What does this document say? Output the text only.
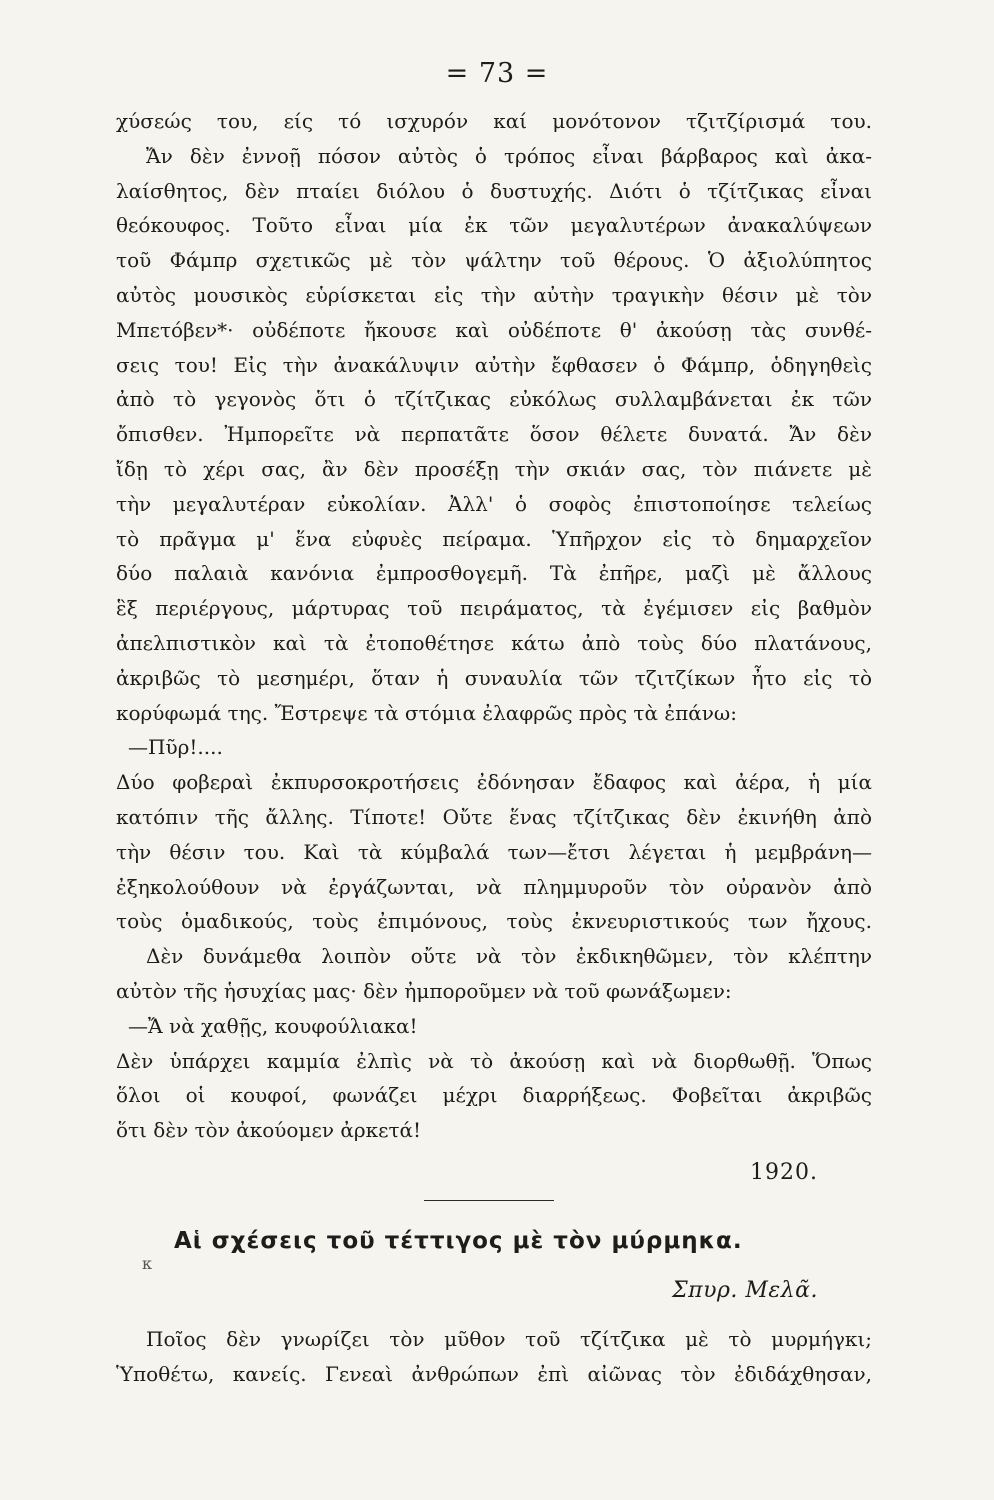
= 73 =
χύσεώς του, είς τό ισχυρόν καί μονότονον τζιτζίρισμά του.
Ἄν δὲν ἐννοῇ πόσον αὐτὸς ὁ τρόπος εἶναι βάρβαρος καὶ ἀκα-
λαίσθητος, δὲν πταίει διόλου ὁ δυστυχής. Διότι ὁ τζίτζικας εἶναι
θεόκουφος. Τοῦτο εἶναι μία ἐκ τῶν μεγαλυτέρων ἀνακαλύψεων
τοῦ Φάμπρ σχετικῶς μὲ τὸν ψάλτην τοῦ θέρους. Ὁ ἀξιολύπητος
αὐτὸς μουσικὸς εὑρίσκεται εἰς τὴν αὐτὴν τραγικὴν θέσιν μὲ τὸν
Μπετόβεν*· οὐδέποτε ἤκουσε καὶ οὐδέποτε θ' ἀκούσῃ τὰς συνθέ-
σεις του! Εἰς τὴν ἀνακάλυψιν αὐτὴν ἔφθασεν ὁ Φάμπρ, ὁδηγηθεὶς
ἀπὸ τὸ γεγονὸς ὅτι ὁ τζίτζικας εὐκόλως συλλαμβάνεται ἐκ τῶν
ὄπισθεν. Ἠμπορεῖτε νὰ περπατᾶτε ὅσον θέλετε δυνατά. Ἄν δὲν
ἴδῃ τὸ χέρι σας, ἂν δὲν προσέξῃ τὴν σκιάν σας, τὸν πιάνετε μὲ
τὴν μεγαλυτέραν εὐκολίαν. Ἀλλ' ὁ σοφὸς ἐπιστοποίησε τελείως
τὸ πρᾶγμα μ' ἕνα εὐφυὲς πείραμα. Ὑπῆρχον εἰς τὸ δημαρχεῖον
δύο παλαιὰ κανόνια ἐμπροσθογεμῆ. Τὰ ἐπῆρε, μαζὶ μὲ ἄλλους
ἓξ περιέργους, μάρτυρας τοῦ πειράματος, τὰ ἐγέμισεν εἰς βαθμὸν
ἀπελπιστικὸν καὶ τὰ ἐτοποθέτησε κάτω ἀπὸ τοὺς δύο πλατάνους,
ἀκριβῶς τὸ μεσημέρι, ὅταν ἡ συναυλία τῶν τζιτζίκων ἦτο εἰς τὸ
κορύφωμά της. Ἔστρεψε τὰ στόμια ἐλαφρῶς πρὸς τὰ ἐπάνω:
—Πῦρ!....
Δύο φοβεραὶ ἐκπυρσοκροτήσεις ἐδόνησαν ἔδαφος καὶ ἀέρα, ἡ μία
κατόπιν τῆς ἄλλης. Τίποτε! Οὔτε ἕνας τζίτζικας δὲν ἐκινήθη ἀπὸ
τὴν θέσιν του. Καὶ τὰ κύμβαλά των—ἔτσι λέγεται ἡ μεμβράνη—
ἐξηκολούθουν νὰ ἐργάζωνται, νὰ πλημμυροῦν τὸν οὐρανὸν ἀπὸ
τοὺς ὁμαδικούς, τοὺς ἐπιμόνους, τοὺς ἐκνευριστικούς των ἤχους.
Δὲν δυνάμεθα λοιπὸν οὔτε νὰ τὸν ἐκδικηθῶμεν, τὸν κλέπτην
αὐτὸν τῆς ἡσυχίας μας· δὲν ἠμποροῦμεν νὰ τοῦ φωνάξωμεν:
—Ἄ νὰ χαθῇς, κουφούλιακα!
Δὲν ὑπάρχει καμμία ἐλπὶς νὰ τὸ ἀκούσῃ καὶ νὰ διορθωθῇ. Ὅπως
ὅλοι οἱ κουφοί, φωνάζει μέχρι διαρρήξεως. Φοβεῖται ἀκριβῶς
ὅτι δὲν τὸν ἀκούομεν ἀρκετά!
1920.
κ
Αἱ σχέσεις τοῦ τέττιγος μὲ τὸν μύρμηκα.
Σπυρ. Μελᾶ.
Ποῖος δὲν γνωρίζει τὸν μῦθον τοῦ τζίτζικα μὲ τὸ μυρμήγκι;
Ὑποθέτω, κανείς. Γενεαὶ ἀνθρώπων ἐπὶ αἰῶνας τὸν ἐδιδάχθησαν,
